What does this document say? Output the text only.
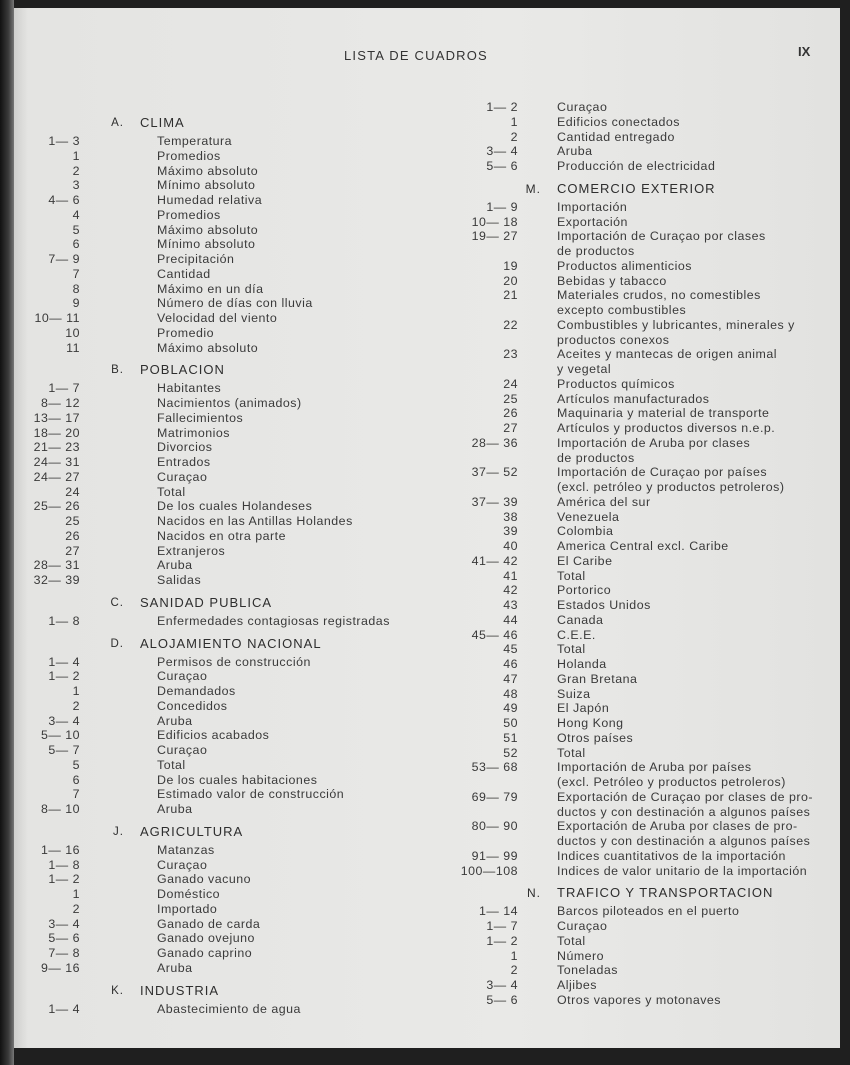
LISTA DE CUADROS	IX
A.	CLIMA
1— 3	Temperatura
1	Promedios
2	Máximo absoluto
3	Mínimo absoluto
4— 6	Humedad relativa
4	Promedios
5	Máximo absoluto
6	Mínimo absoluto
7— 9	Precipitación
7	Cantidad
8	Máximo en un día
9	Número de días con lluvia
10— 11	Velocidad del viento
10	Promedio
11	Máximo absoluto
B.	POBLACION
1— 7	Habitantes
8— 12	Nacimientos (animados)
13— 17	Fallecimientos
18— 20	Matrimonios
21— 23	Divorcios
24— 31	Entrados
24— 27	Curaçao
24	Total
25— 26	De los cuales Holandeses
25	Nacidos en las Antillas Holandes
26	Nacidos en otra parte
27	Extranjeros
28— 31	Aruba
32— 39	Salidas
C.	SANIDAD PUBLICA
1— 8	Enfermedades contagiosas registradas
D.	ALOJAMIENTO NACIONAL
1— 4	Permisos de construcción
1— 2	Curaçao
1	Demandados
2	Concedidos
3— 4	Aruba
5— 10	Edificios acabados
5— 7	Curaçao
5	Total
6	De los cuales habitaciones
7	Estimado valor de construcción
8— 10	Aruba
J.	AGRICULTURA
1— 16	Matanzas
1— 8	Curaçao
1— 2	Ganado vacuno
1	Doméstico
2	Importado
3— 4	Ganado de carda
5— 6	Ganado ovejuno
7— 8	Ganado caprino
9— 16	Aruba
K.	INDUSTRIA
1— 4	Abastecimiento de agua
1— 2	Curaçao
1	Edificios conectados
2	Cantidad entregado
3— 4	Aruba
5— 6	Producción de electricidad
M.	COMERCIO EXTERIOR
1— 9	Importación
10— 18	Exportación
19— 27	Importación de Curaçao por clases
de productos
19	Productos alimenticios
20	Bebidas y tabacco
21	Materiales crudos, no comestibles
excepto combustibles
22	Combustibles y lubricantes, minerales y
productos conexos
23	Aceites y mantecas de origen animal
y vegetal
24	Productos químicos
25	Artículos manufacturados
26	Maquinaria y material de transporte
27	Artículos y productos diversos n.e.p.
28— 36	Importación de Aruba por clases
de productos
37— 52	Importación de Curaçao por países
(excl. petróleo y productos petroleros)
37— 39	América del sur
38	Venezuela
39	Colombia
40	America Central excl. Caribe
41— 42	El Caribe
41	Total
42	Portorico
43	Estados Unidos
44	Canada
45— 46	C.E.E.
45	Total
46	Holanda
47	Gran Bretana
48	Suiza
49	El Japón
50	Hong Kong
51	Otros países
52	Total
53— 68	Importación de Aruba por países
(excl. Petróleo y productos petroleros)
69— 79	Exportación de Curaçao por clases de pro-
ductos y con destinación a algunos países
80— 90	Exportación de Aruba por clases de pro-
ductos y con destinación a algunos países
91— 99	Indices cuantitativos de la importación
100—108	Indices de valor unitario de la importación
N.	TRAFICO Y TRANSPORTACION
1— 14	Barcos piloteados en el puerto
1— 7	Curaçao
1— 2	Total
1	Número
2	Toneladas
3— 4	Aljibes
5— 6	Otros vapores y motonaves
